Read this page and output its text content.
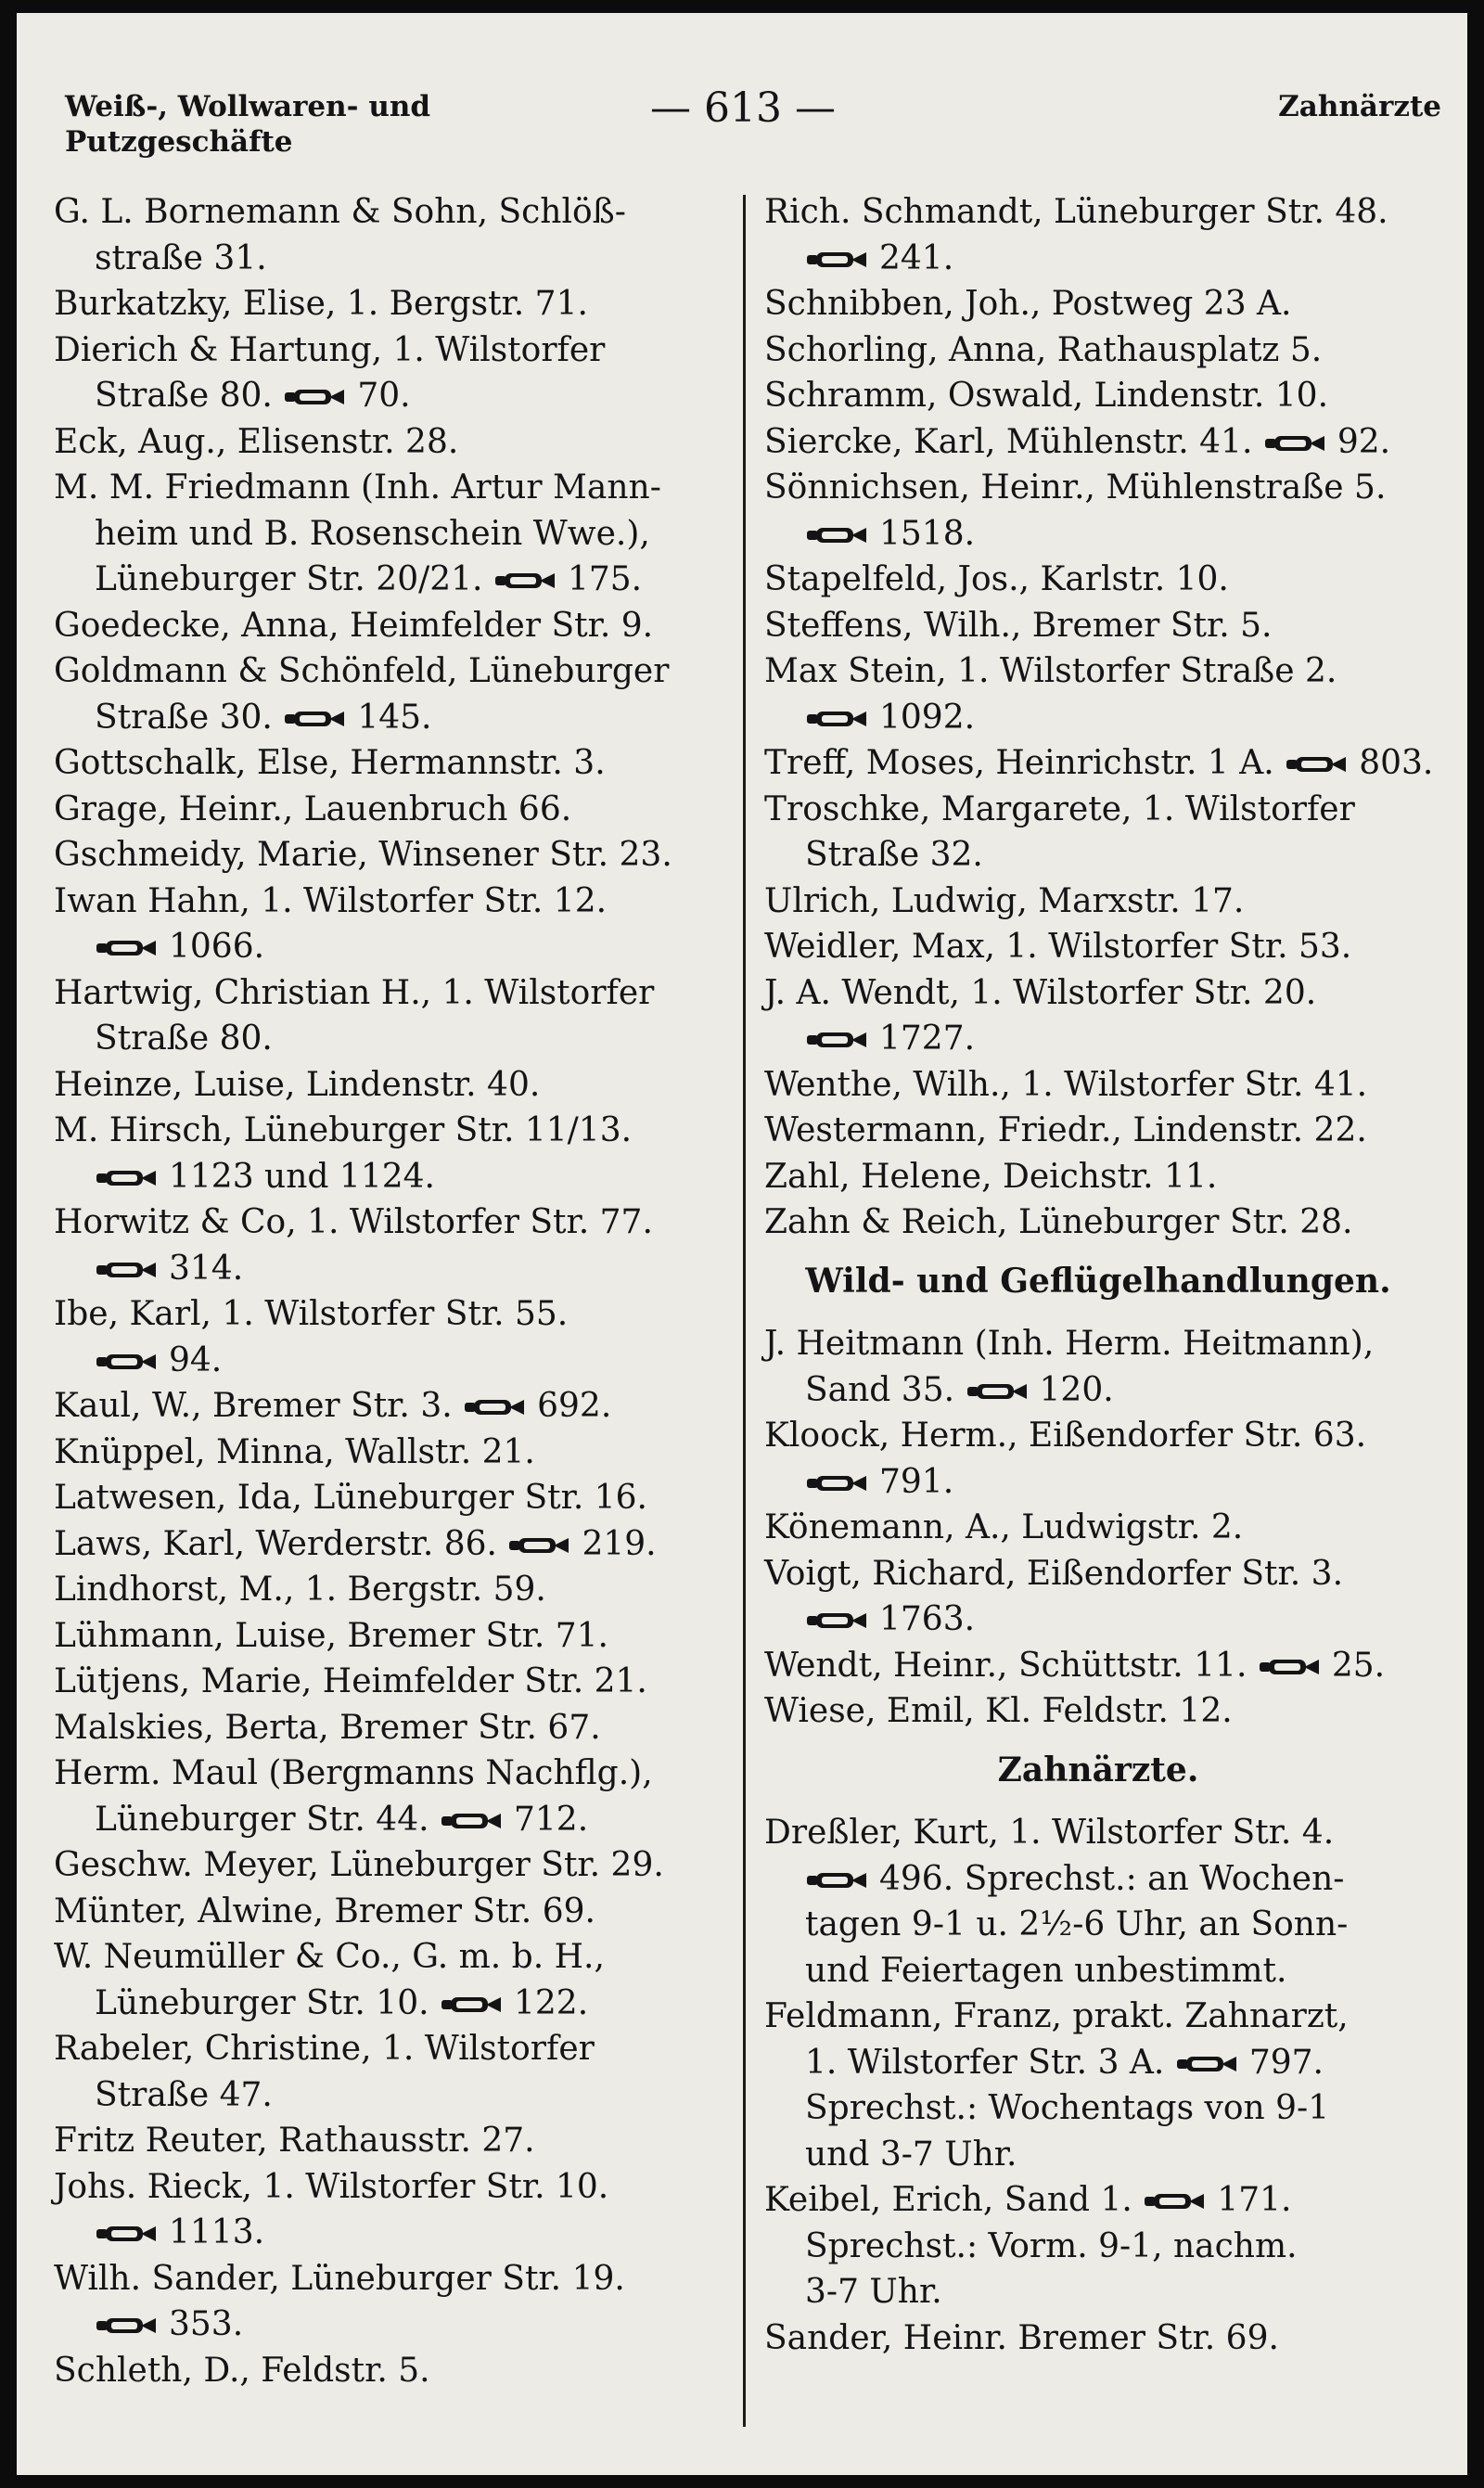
Weiß-, Wollwaren- und Putzgeschäfte
— 613 —	Zahnärzte
G. L. Bornemann & Sohn, Schlöß-
straße 31.
Burkatzky, Elise, 1. Bergstr. 71.
Dierich & Hartung, 1. Wilstorfer
Straße 80.	70.
Eck, Aug., Elisenstr. 28.
M. M. Friedmann (Inh. Artur Mann-
heim und B. Rosenschein Wwe.),
Lüneburger Str. 20/21.	175.
Goedecke, Anna, Heimfelder Str. 9.
Goldmann & Schönfeld, Lüneburger
Straße 30.	145.
Gottschalk, Else, Hermannstr. 3.
Grage, Heinr., Lauenbruch 66.
Gschmeidy, Marie, Winsener Str. 23.
Iwan Hahn, 1. Wilstorfer Str. 12.
1066.
Hartwig, Christian H., 1. Wilstorfer
Straße 80.
Heinze, Luise, Lindenstr. 40.
M. Hirsch, Lüneburger Str. 11/13.
1123 und 1124.
Horwitz & Co, 1. Wilstorfer Str. 77.
314.
Ibe, Karl, 1. Wilstorfer Str. 55.
94.
Kaul, W., Bremer Str. 3.	692.
Knüppel, Minna, Wallstr. 21.
Latwesen, Ida, Lüneburger Str. 16.
Laws, Karl, Werderstr. 86.	219.
Lindhorst, M., 1. Bergstr. 59.
Lühmann, Luise, Bremer Str. 71.
Lütjens, Marie, Heimfelder Str. 21.
Malskies, Berta, Bremer Str. 67.
Herm. Maul (Bergmanns Nachflg.),
Lüneburger Str. 44.	712.
Geschw. Meyer, Lüneburger Str. 29.
Münter, Alwine, Bremer Str. 69.
W. Neumüller & Co., G. m. b. H.,
Lüneburger Str. 10.	122.
Rabeler, Christine, 1. Wilstorfer
Straße 47.
Fritz Reuter, Rathausstr. 27.
Johs. Rieck, 1. Wilstorfer Str. 10.
1113.
Wilh. Sander, Lüneburger Str. 19.
353.
Schleth, D., Feldstr. 5.
Rich. Schmandt, Lüneburger Str. 48.
241.
Schnibben, Joh., Postweg 23 A.
Schorling, Anna, Rathausplatz 5.
Schramm, Oswald, Lindenstr. 10.
Siercke, Karl, Mühlenstr. 41.	92.
Sönnichsen, Heinr., Mühlenstraße 5.
1518.
Stapelfeld, Jos., Karlstr. 10.
Steffens, Wilh., Bremer Str. 5.
Max Stein, 1. Wilstorfer Straße 2.
1092.
Treff, Moses, Heinrichstr. 1 A.	803.
Troschke, Margarete, 1. Wilstorfer
Straße 32.
Ulrich, Ludwig, Marxstr. 17.
Weidler, Max, 1. Wilstorfer Str. 53.
J. A. Wendt, 1. Wilstorfer Str. 20.
1727.
Wenthe, Wilh., 1. Wilstorfer Str. 41.
Westermann, Friedr., Lindenstr. 22.
Zahl, Helene, Deichstr. 11.
Zahn & Reich, Lüneburger Str. 28.
Wild- und Geflügelhandlungen.
J. Heitmann (Inh. Herm. Heitmann),
Sand 35.	120.
Kloock, Herm., Eißendorfer Str. 63.
791.
Könemann, A., Ludwigstr. 2.
Voigt, Richard, Eißendorfer Str. 3.
1763.
Wendt, Heinr., Schüttstr. 11.	25.
Wiese, Emil, Kl. Feldstr. 12.
Zahnärzte.
Dreßler, Kurt, 1. Wilstorfer Str. 4.
496. Sprechst.: an Wochen-
tagen 9-1 u. 2½-6 Uhr, an Sonn-
und Feiertagen unbestimmt.
Feldmann, Franz, prakt. Zahnarzt,
1. Wilstorfer Str. 3 A.	797.
Sprechst.: Wochentags von 9-1
und 3-7 Uhr.
Keibel, Erich, Sand 1.	171.
Sprechst.: Vorm. 9-1, nachm.
3-7 Uhr.
Sander, Heinr. Bremer Str. 69.
